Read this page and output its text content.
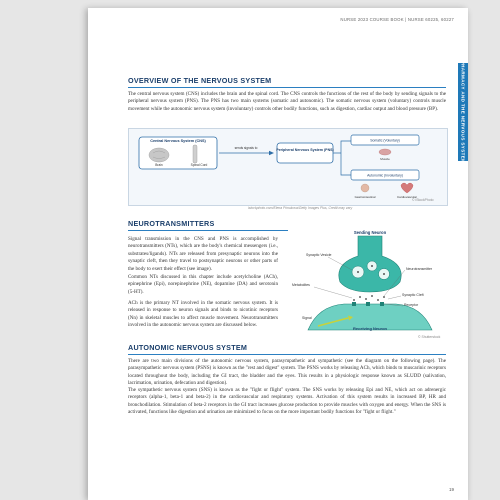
NURSE 2023 COURSE BOOK | NURSE 60225, 60227
PHARMACY AND THE NERVOUS SYSTEM
OVERVIEW OF THE NERVOUS SYSTEM

The central nervous system (CNS) includes the brain and the spinal cord. The CNS controls the functions of the rest of the body by sending signals to the peripheral nervous system (PNS). The PNS has two main systems (somatic and autonomic). The somatic nervous system (voluntary) controls muscle movement while the autonomic nervous system (involuntary) controls other bodily functions, such as digestion, cardiac output and blood pressure (BP).

Central Nervous System (CNS)
Brain	Spinal Cord
sends signals to	Peripheral Nervous System (PNS)
Somatic (Voluntary)
Muscle
Autonomic (Involuntary)
Gastrointestinal	Cardiovascular
© iStockPhoto
istockphoto.com/Elena Pimukova/Getty Images Plus, Credit may vary
NEUROTRANSMITTERS

Signal transmission in the CNS and PNS is accomplished by neurotransmitters (NTs), which are the body's chemical messengers (i.e., substrates/ligands). NTs are released from presynaptic neurons into the synaptic cleft, then they travel to postsynaptic neurons or other parts of the body to exert their effect (see image).

Common NTs discussed in this chapter include acetylcholine (ACh), epinephrine (Epi), norepinephrine (NE), dopamine (DA) and serotonin (5-HT).

ACh is the primary NT involved in the somatic nervous system. It is released in response to neuron signals and binds to nicotinic receptors (Nn) in skeletal muscles to affect muscle movement. Neurotransmitters involved in the autonomic nervous system are discussed below.

Sending Neuron
Synaptic Vesicle
Metabolites
Neurotransmitter
Synaptic Cleft
Receptor
Signal
Receiving Neuron
© Shutterstock
AUTONOMIC NERVOUS SYSTEM

There are two main divisions of the autonomic nervous system, parasympathetic and sympathetic (see the diagram on the following page). The parasympathetic nervous system (PSNS) is known as the "rest and digest" system. The PSNS works by releasing ACh, which binds to muscarinic receptors located throughout the body, including the GI tract, the bladder and the eyes. This results in a physiologic response known as SLUDD (salivation, lacrimation, urination, defecation and digestion).

The sympathetic nervous system (SNS) is known as the "fight or flight" system. The SNS works by releasing Epi and NE, which act on adrenergic receptors (alpha-1, beta-1 and beta-2) in the cardiovascular and respiratory systems. Activation of this system results in increased BP, HR and bronchodilation. Stimulation of beta-2 receptors in the GI tract increases glucose production to provide muscles with oxygen and energy. When the SNS is activated, functions like digestion and urination are minimized to focus on the more important bodily functions for "fight or flight."

19
